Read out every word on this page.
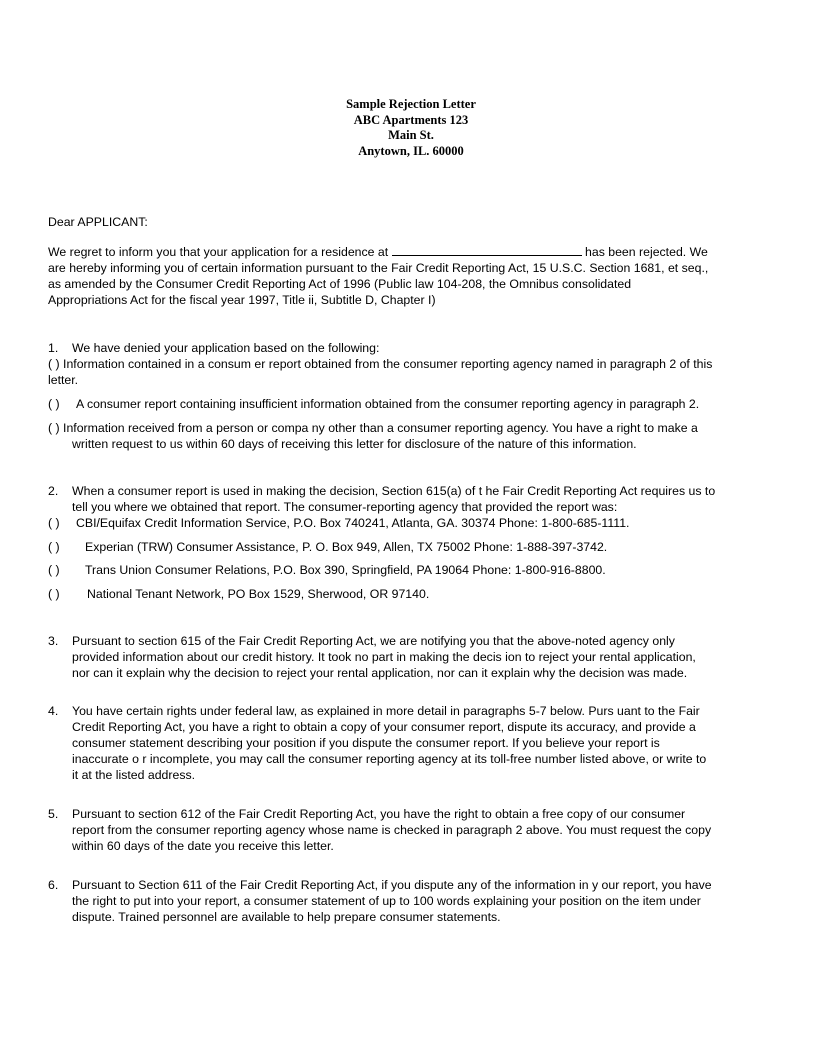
Sample Rejection Letter
ABC Apartments 123
Main St.
Anytown, IL. 60000
Dear APPLICANT:
We regret to inform you that your application for a residence at	has been rejected. We
are hereby informing you of certain information pursuant to the Fair Credit Reporting Act, 15 U.S.C. Section 1681, et seq.,
as amended by the Consumer Credit Reporting Act of 1996 (Public law 104-208, the Omnibus consolidated
Appropriations Act for the fiscal year 1997, Title ii, Subtitle D, Chapter I)
1. We have denied your application based on the following:
( ) Information contained in a consum er report obtained from the consumer reporting agency named in paragraph 2 of this
letter.
( ) A consumer report containing insufficient information obtained from the consumer reporting agency in paragraph 2.
( ) Information received from a person or compa ny other than a consumer reporting agency. You have a right to make a
written request to us within 60 days of receiving this letter for disclosure of the nature of this information.
2. When a consumer report is used in making the decision, Section 615(a) of t he Fair Credit Reporting Act requires us to
tell you where we obtained that report. The consumer-reporting agency that provided the report was:
( ) CBI/Equifax Credit Information Service, P.O. Box 740241, Atlanta, GA. 30374 Phone: 1-800-685-1111.
( ) Experian (TRW) Consumer Assistance, P. O. Box 949, Allen, TX 75002 Phone: 1-888-397-3742.
( ) Trans Union Consumer Relations, P.O. Box 390, Springfield, PA 19064 Phone: 1-800-916-8800.
( ) National Tenant Network, PO Box 1529, Sherwood, OR 97140.
3. Pursuant to section 615 of the Fair Credit Reporting Act, we are notifying you that the above-noted agency only
provided information about our credit history. It took no part in making the decis ion to reject your rental application,
nor can it explain why the decision to reject your rental application, nor can it explain why the decision was made.
4. You have certain rights under federal law, as explained in more detail in paragraphs 5-7 below. Purs uant to the Fair
Credit Reporting Act, you have a right to obtain a copy of your consumer report, dispute its accuracy, and provide a
consumer statement describing your position if you dispute the consumer report. If you believe your report is
inaccurate o r incomplete, you may call the consumer reporting agency at its toll-free number listed above, or write to
it at the listed address.
5. Pursuant to section 612 of the Fair Credit Reporting Act, you have the right to obtain a free copy of our consumer
report from the consumer reporting agency whose name is checked in paragraph 2 above. You must request the copy
within 60 days of the date you receive this letter.
6. Pursuant to Section 611 of the Fair Credit Reporting Act, if you dispute any of the information in y our report, you have
the right to put into your report, a consumer statement of up to 100 words explaining your position on the item under
dispute. Trained personnel are available to help prepare consumer statements.
